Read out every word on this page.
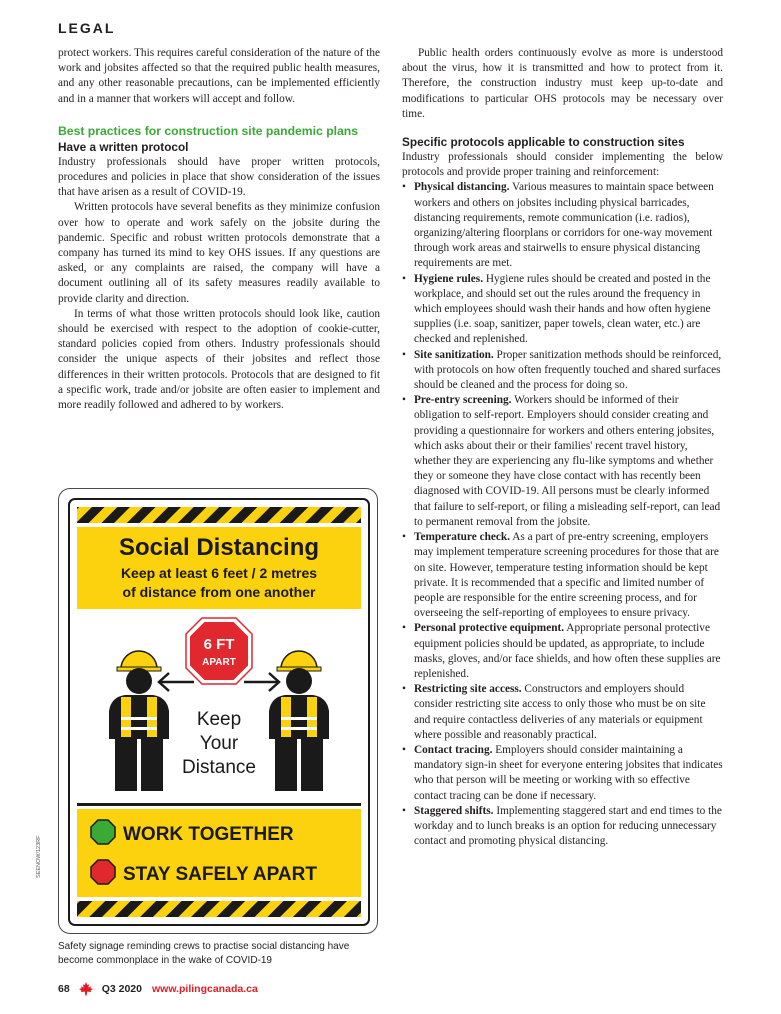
LEGAL

protect workers. This requires careful consideration of the nature of the work and jobsites affected so that the required public health measures, and any other reasonable precautions, can be implemented efficiently and in a manner that workers will accept and follow.

Best practices for construction site pandemic plans
Have a written protocol

Industry professionals should have proper written protocols, procedures and policies in place that show consideration of the issues that have arisen as a result of COVID-19.

Written protocols have several benefits as they minimize confusion over how to operate and work safely on the jobsite during the pandemic. Specific and robust written protocols demonstrate that a company has turned its mind to key OHS issues. If any questions are asked, or any complaints are raised, the company will have a document outlining all of its safety measures readily available to provide clarity and direction.

In terms of what those written protocols should look like, caution should be exercised with respect to the adoption of cookie-cutter, standard policies copied from others. Industry professionals should consider the unique aspects of their jobsites and reflect those differences in their written protocols. Protocols that are designed to fit a specific work, trade and/or jobsite are often easier to implement and more readily followed and adhered to by workers.

Social Distancing
Keep at least 6 feet / 2 metres
of distance from one another
6 FT
APART
Keep
Your
Distance
WORK TOGETHER
STAY SAFELY APART
SEENOW/123RF
Safety signage reminding crews to practise social distancing have become commonplace in the wake of COVID-19

Public health orders continuously evolve as more is understood about the virus, how it is transmitted and how to protect from it. Therefore, the construction industry must keep up-to-date and modifications to particular OHS protocols may be necessary over time.

Specific protocols applicable to construction sites

Industry professionals should consider implementing the below protocols and provide proper training and reinforcement:

• Physical distancing. Various measures to maintain space between workers and others on jobsites including physical barricades, distancing requirements, remote communication (i.e. radios), organizing/altering floorplans or corridors for one-way movement through work areas and stairwells to ensure physical distancing requirements are met.
• Hygiene rules. Hygiene rules should be created and posted in the workplace, and should set out the rules around the frequency in which employees should wash their hands and how often hygiene supplies (i.e. soap, sanitizer, paper towels, clean water, etc.) are checked and replenished.
• Site sanitization. Proper sanitization methods should be reinforced, with protocols on how often frequently touched and shared surfaces should be cleaned and the process for doing so.
• Pre-entry screening. Workers should be informed of their obligation to self-report. Employers should consider creating and providing a questionnaire for workers and others entering jobsites, which asks about their or their families' recent travel history, whether they are experiencing any flu-like symptoms and whether they or someone they have close contact with has recently been diagnosed with COVID-19. All persons must be clearly informed that failure to self-report, or filing a misleading self-report, can lead to permanent removal from the jobsite.
• Temperature check. As a part of pre-entry screening, employers may implement temperature screening procedures for those that are on site. However, temperature testing information should be kept private. It is recommended that a specific and limited number of people are responsible for the entire screening process, and for overseeing the self-reporting of employees to ensure privacy.
• Personal protective equipment. Appropriate personal protective equipment policies should be updated, as appropriate, to include masks, gloves, and/or face shields, and how often these supplies are replenished.
• Restricting site access. Constructors and employers should consider restricting site access to only those who must be on site and require contactless deliveries of any materials or equipment where possible and reasonably practical.
• Contact tracing. Employers should consider maintaining a mandatory sign-in sheet for everyone entering jobsites that indicates who that person will be meeting or working with so effective contact tracing can be done if necessary.
• Staggered shifts. Implementing staggered start and end times to the workday and to lunch breaks is an option for reducing unnecessary contact and promoting physical distancing.
68	Q3 2020 www.pilingcanada.ca
